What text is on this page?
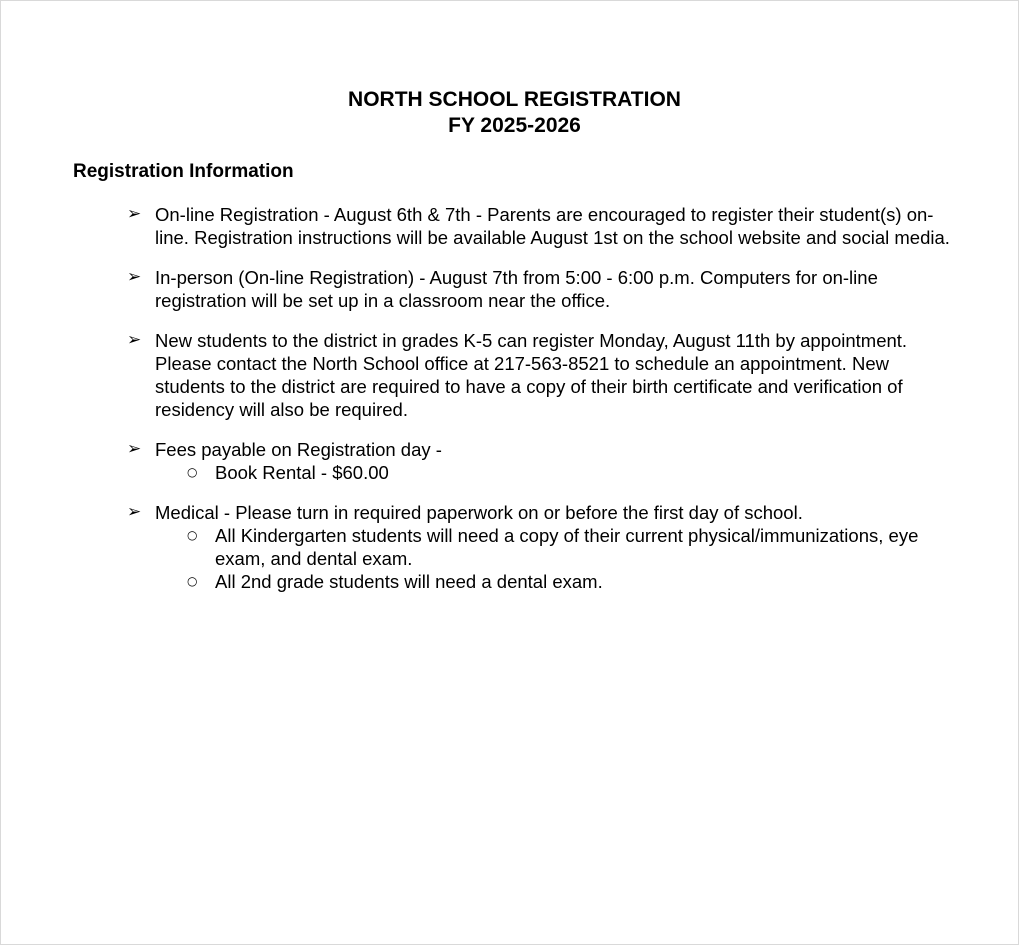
NORTH SCHOOL REGISTRATION
FY 2025-2026
Registration Information
➢ On-line Registration - August 6th & 7th - Parents are encouraged to register their student(s) on-line. Registration instructions will be available August 1st on the school website and social media.
➢ In-person (On-line Registration) - August 7th from 5:00 - 6:00 p.m. Computers for on-line registration will be set up in a classroom near the office.
➢ New students to the district in grades K-5 can register Monday, August 11th by appointment. Please contact the North School office at 217-563-8521 to schedule an appointment. New students to the district are required to have a copy of their birth certificate and verification of residency will also be required.
➢ Fees payable on Registration day -
○ Book Rental - $60.00
➢ Medical - Please turn in required paperwork on or before the first day of school.
○ All Kindergarten students will need a copy of their current physical/immunizations, eye exam, and dental exam.
○ All 2nd grade students will need a dental exam.
